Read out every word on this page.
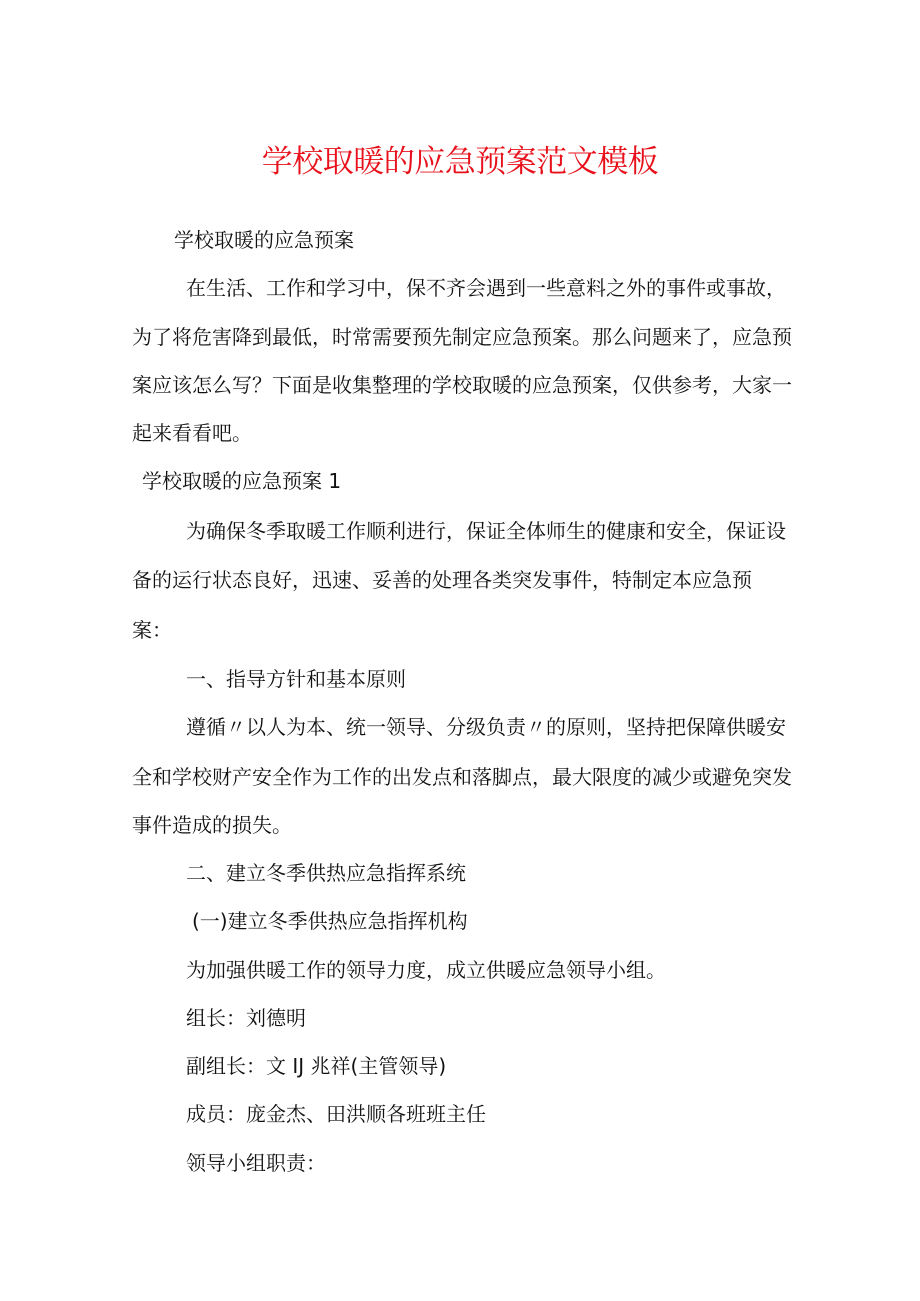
学校取暖的应急预案范文模板
学校取暖的应急预案
在生活、工作和学习中，保不齐会遇到一些意料之外的事件或事故，
为了将危害降到最低，时常需要预先制定应急预案。那么问题来了，应急预
案应该怎么写？下面是收集整理的学校取暖的应急预案，仅供参考，大家一
起来看看吧。
学校取暖的应急预案 1
为确保冬季取暖工作顺利进行，保证全体师生的健康和安全，保证设
备的运行状态良好，迅速、妥善的处理各类突发事件，特制定本应急预
案：
一、指导方针和基本原则
遵循〃以人为本、统一领导、分级负责〃的原则，坚持把保障供暖安
全和学校财产安全作为工作的出发点和落脚点，最大限度的减少或避免突发
事件造成的损失。
二、建立冬季供热应急指挥系统
(一)建立冬季供热应急指挥机构
为加强供暖工作的领导力度，成立供暖应急领导小组。
组长：刘德明
副组长：文 IJ 兆祥(主管领导)
成员：庞金杰、田洪顺各班班主任
领导小组职责：
